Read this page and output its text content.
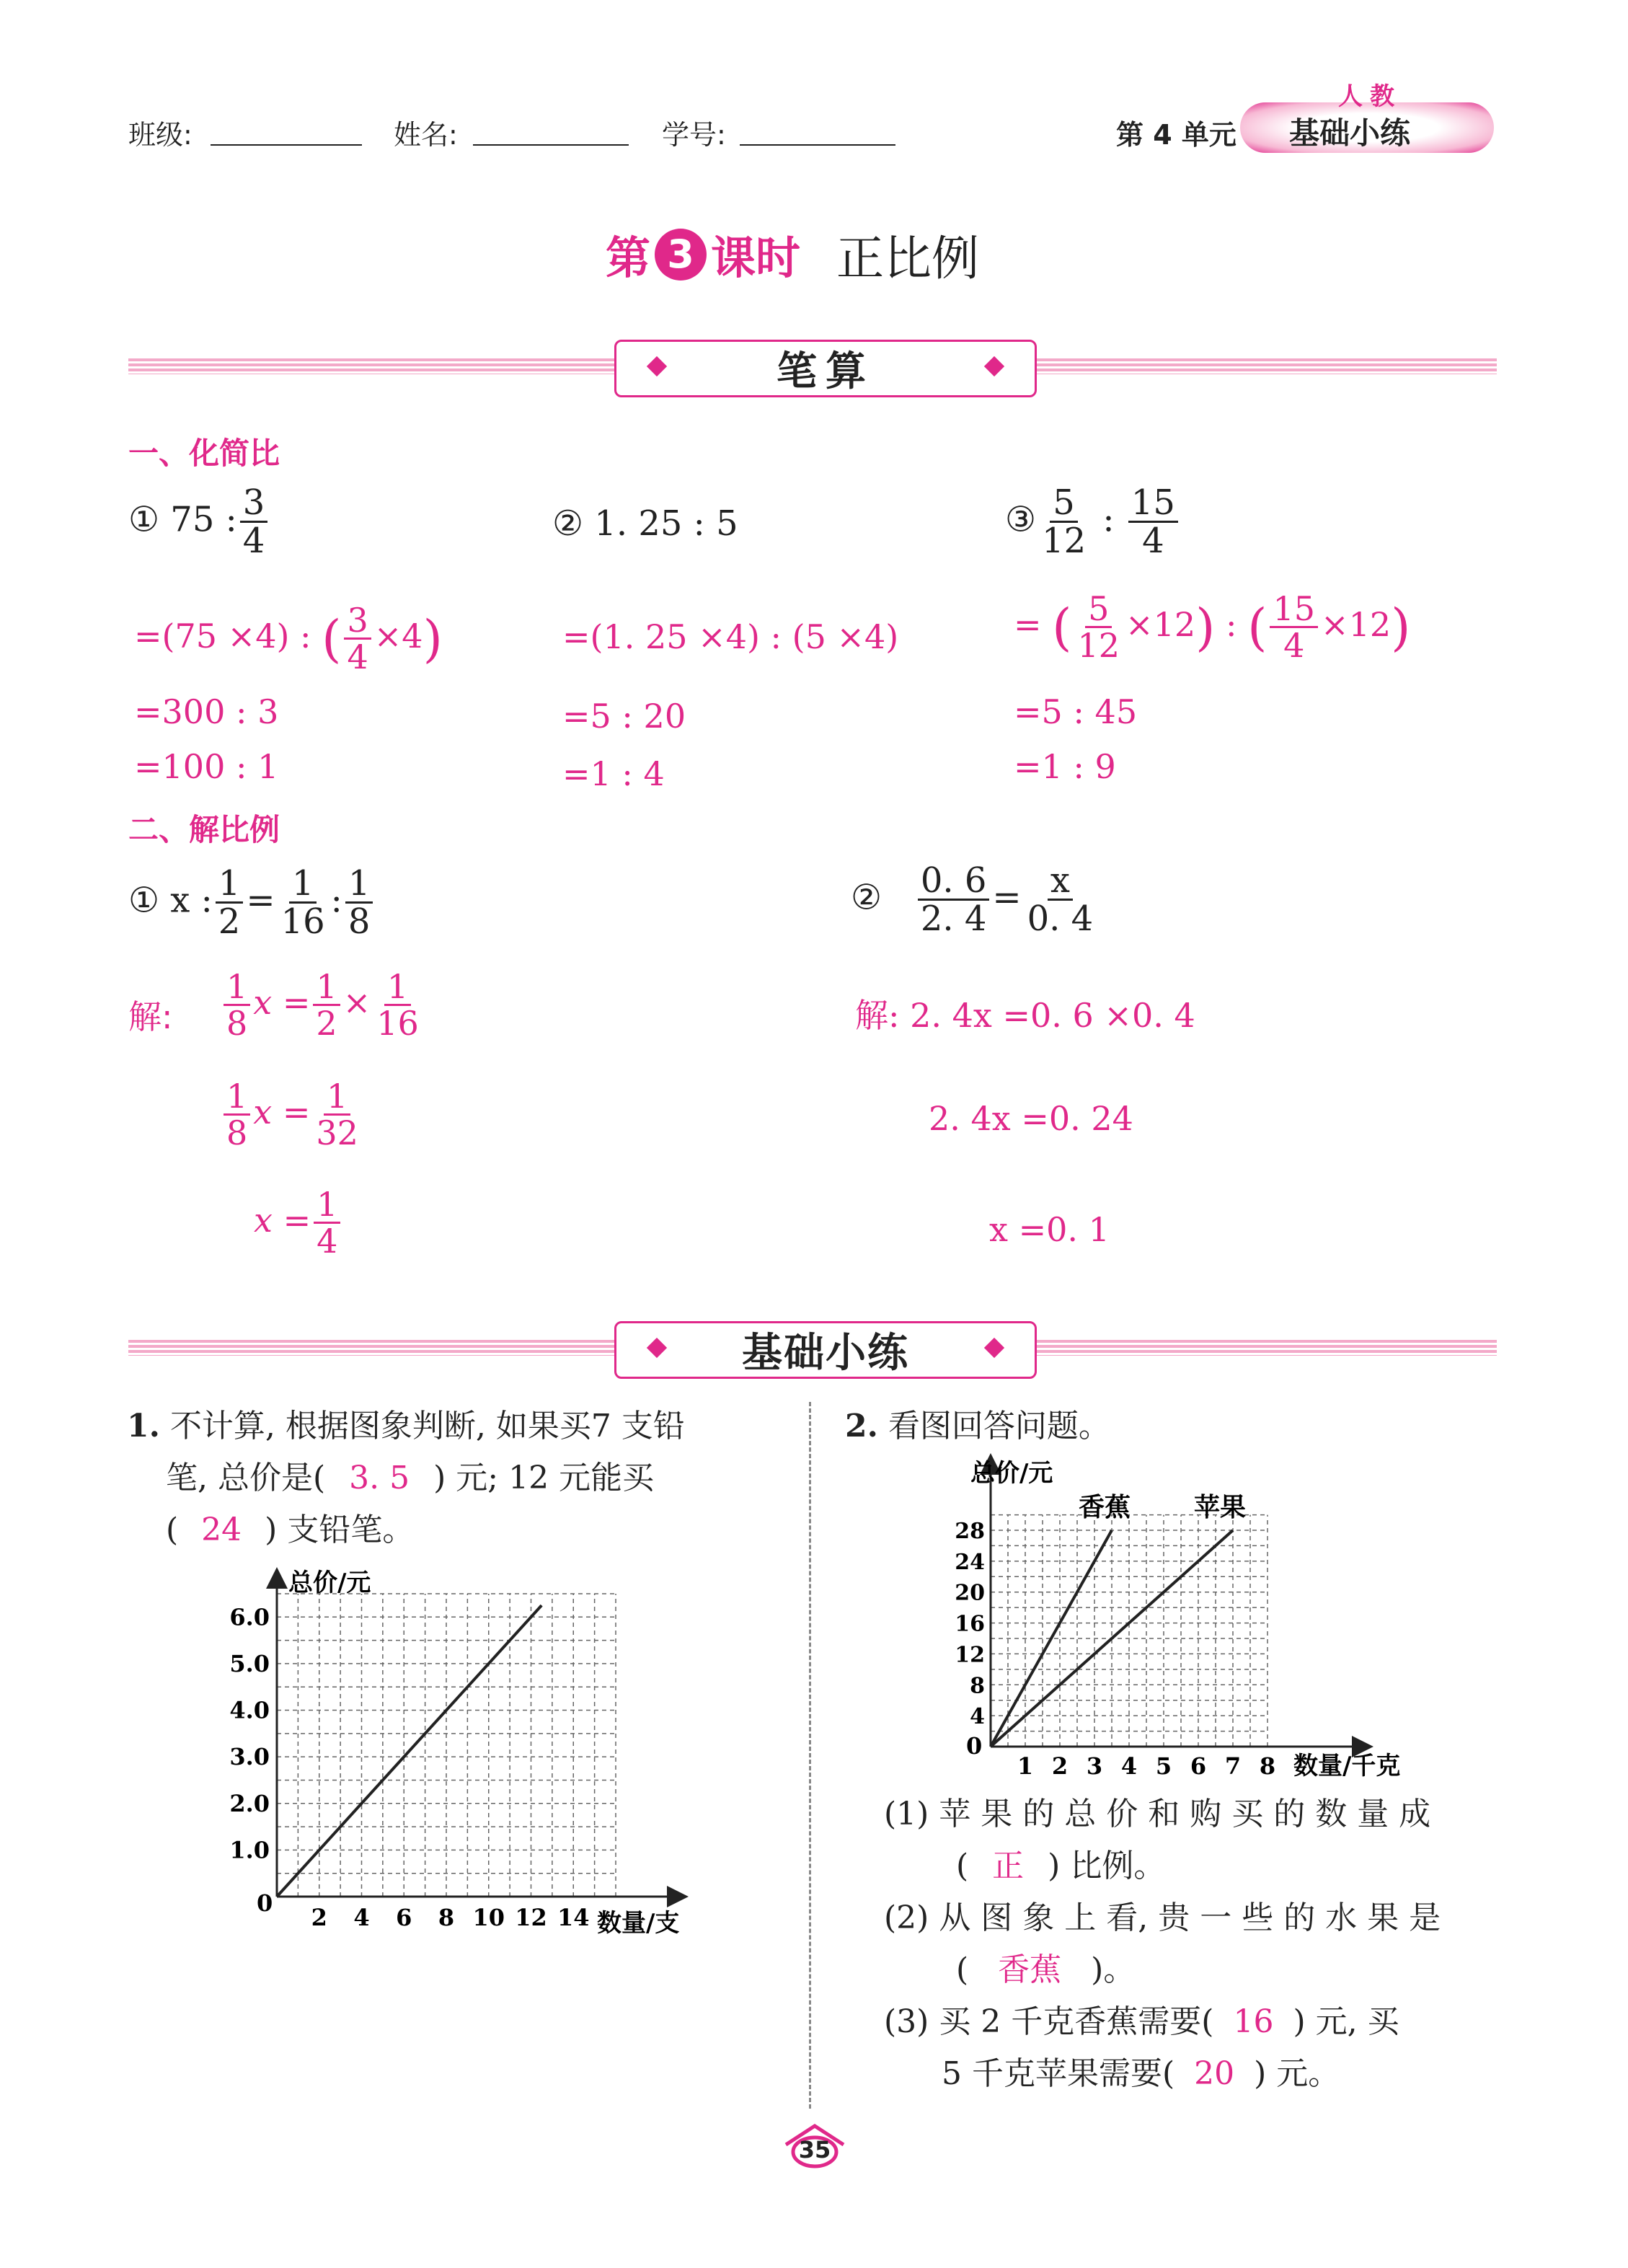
班级:	姓名:	学号:	第 4 单元
人教
基础小练
第 3 课时 正比例
笔算
一、化简比
① 75 : $\frac{3}{4}$
=(75 ×4) : ( $\frac{3}{4} \times 4$)
=300 : 3
=100 : 1
② 1. 25 : 5
=(1. 25 ×4) : (5 ×4)
=5 : 20
=1 : 4
③ $\frac{5}{12}$ : $\frac{15}{4}$
= ( $\frac{5}{12} \times 12$) : ( $\frac{15}{4} \times 12$)
=5 : 45
=1 : 9
二、解比例
① x : $\frac{1}{2} = \frac{1}{16}$ : $\frac{1}{8}$
解: $\frac{1}{8}$ $x = \frac{1}{2} \times \frac{1}{16}$
$\frac{1}{8}$ $x = \frac{1}{32}$
$x = \frac{1}{4}$
② $\frac{0. 6}{2. 4} = \frac{x}{0. 4}$
解: 2. 4x =0. 6 ×0. 4
2. 4x =0. 24
x =0. 1
基础小练
1. 不计算, 根据图象判断, 如果买7 支铅
笔, 总价是( 3. 5 ) 元; 12 元能买
( 24 ) 支铅笔。
2 4 6 8 10 12 14
1.0
2.0
3.0
4.0
5.0
6.0
总价/元
数量/支
0
2. 看图回答问题。
1 2 3 4 5 6 7 8
4
8
12
16
20
24
28
总价/元
数量/千克
0
香蕉 苹果
(1) 苹 果 的 总 价 和 购 买 的 数 量 成
( 正 ) 比例。
(2) 从 图 象 上 看, 贵 一 些 的 水 果 是
( 香蕉 )。
(3) 买 2 千克香蕉需要( 16 ) 元, 买
5 千克苹果需要( 20 ) 元。
35
